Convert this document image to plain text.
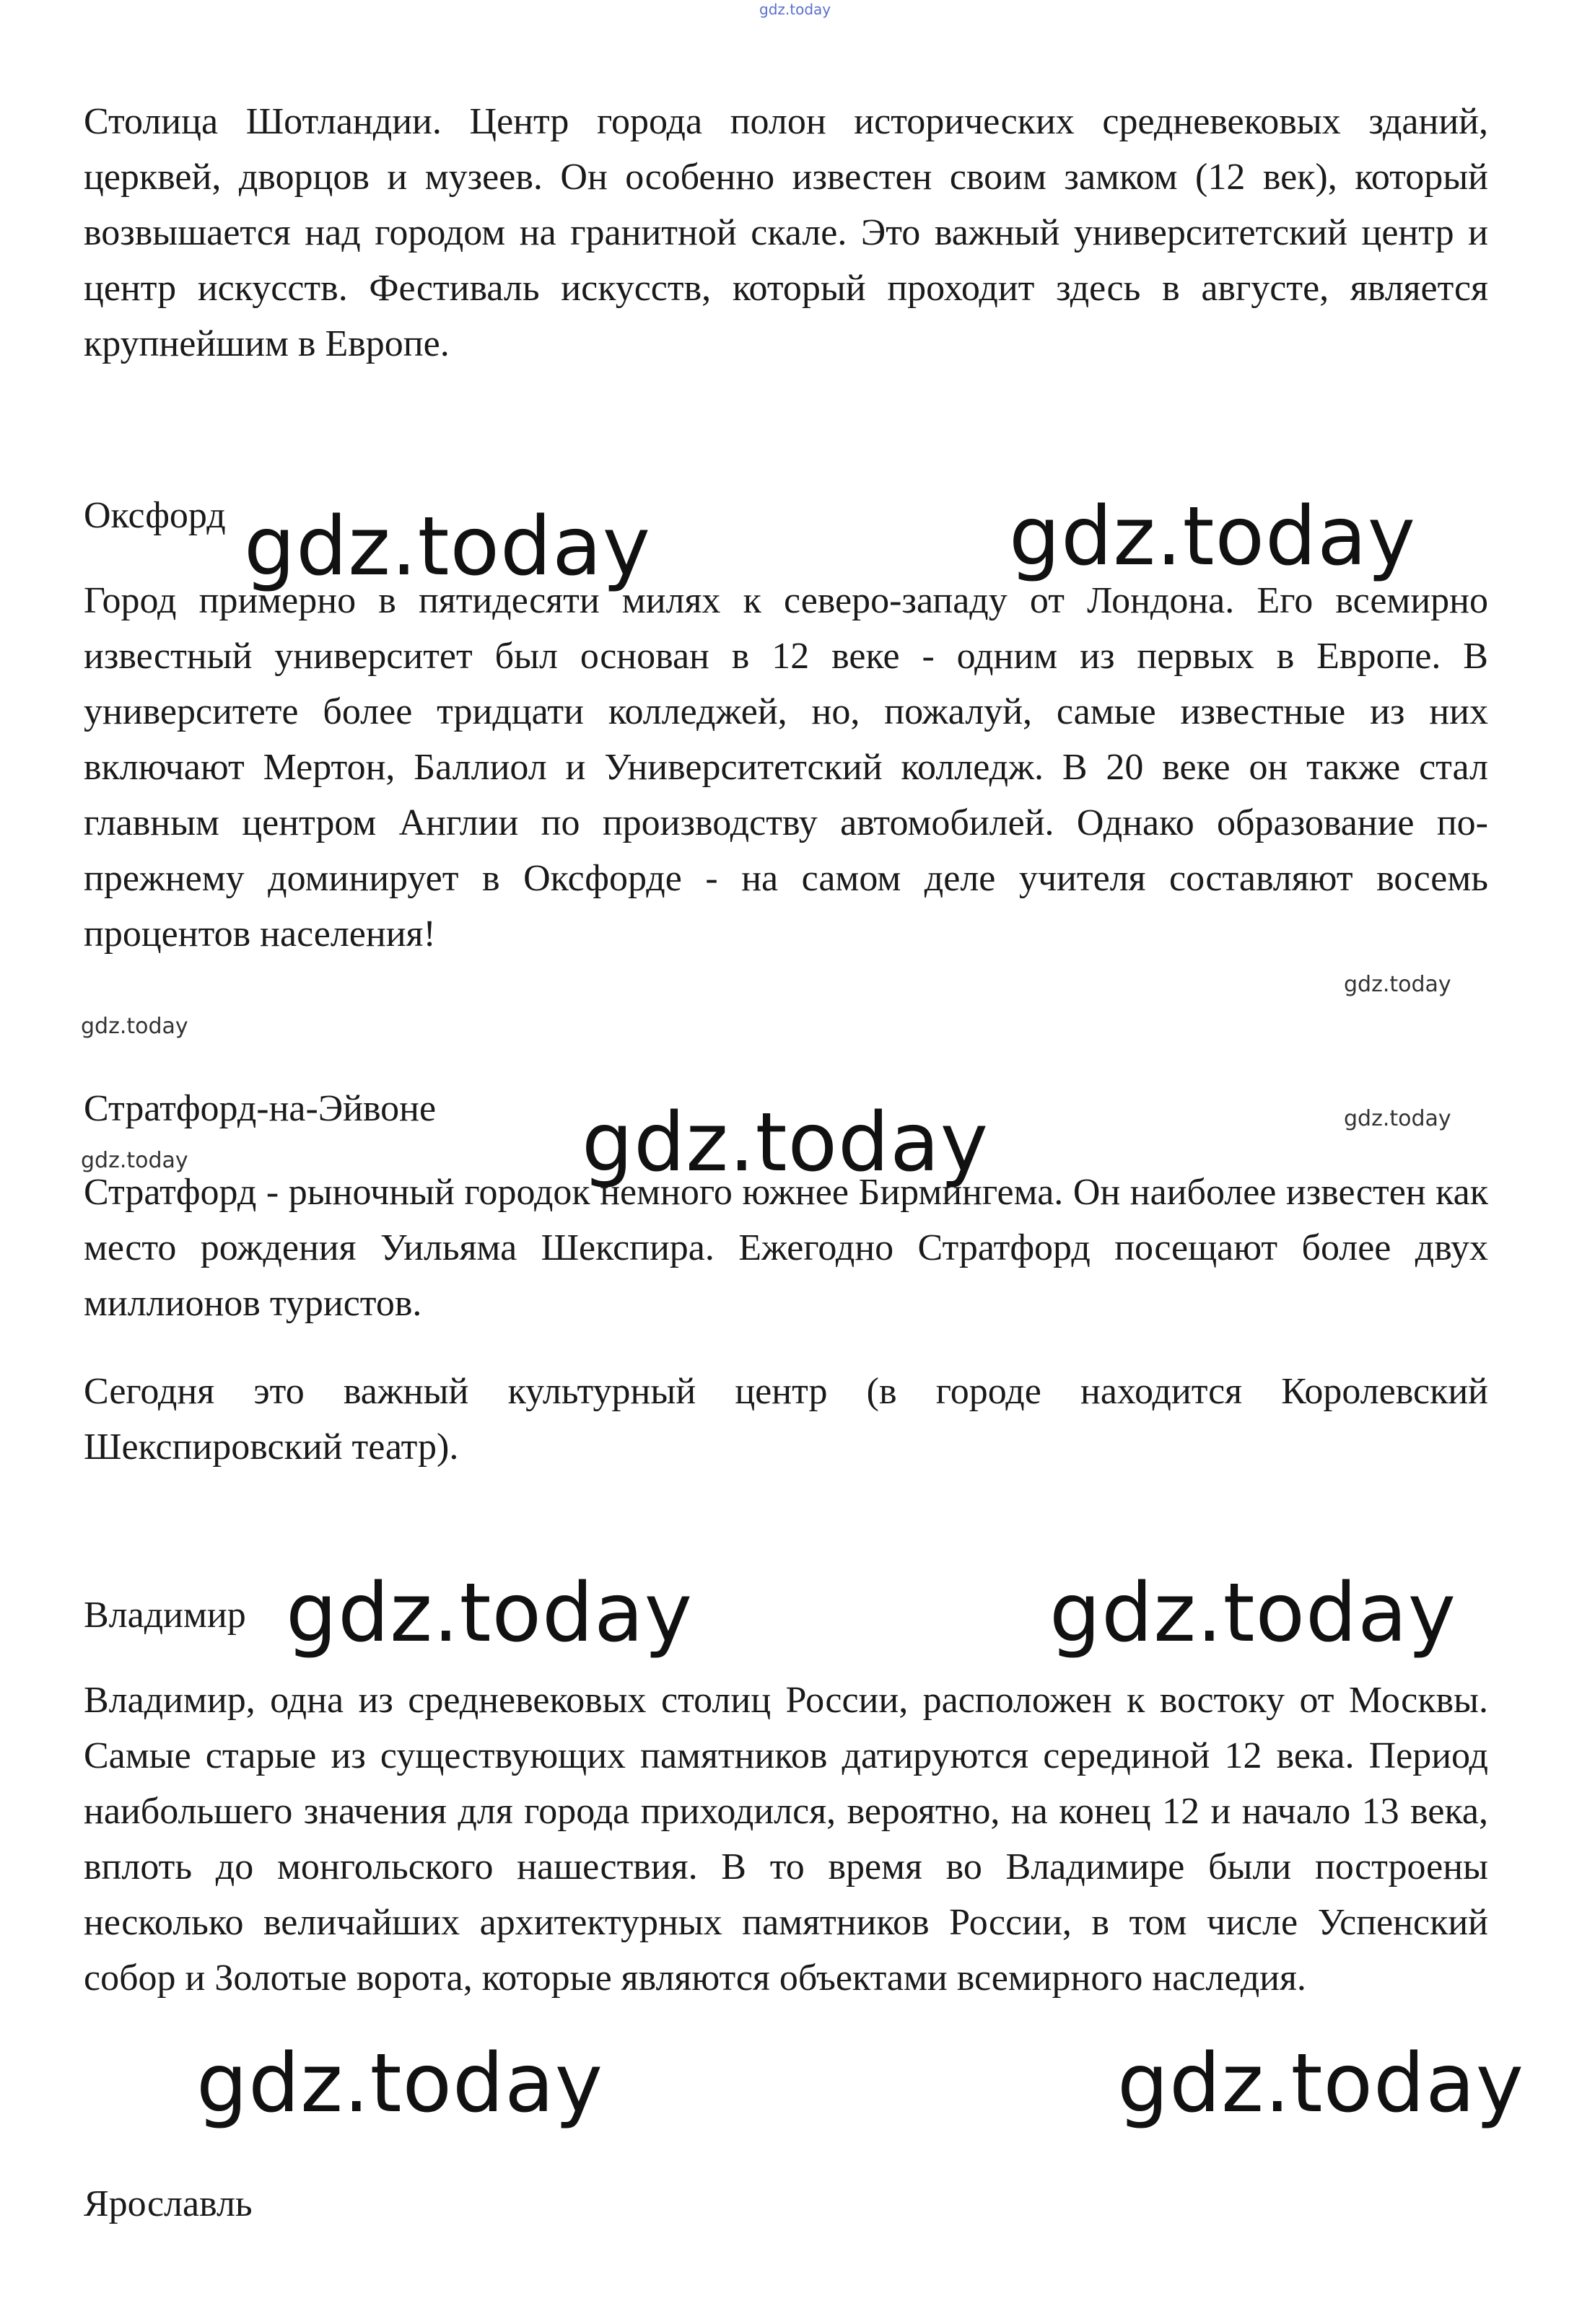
gdz.today

Столица Шотландии. Центр города полон исторических средневековых зданий, церквей, дворцов и музеев. Он особенно известен своим замком (12 век), который возвышается над городом на гранитной скале. Это важный университетский центр и центр искусств. Фестиваль искусств, который проходит здесь в августе, является крупнейшим в Европе.

Оксфорд gdz.today	gdz.today

Город примерно в пятидесяти милях к северо-западу от Лондона. Его всемирно известный университет был основан в 12 веке - одним из первых в Европе. В университете более тридцати колледжей, но, пожалуй, самые известные из них включают Мертон, Баллиол и Университетский колледж. В 20 веке он также стал главным центром Англии по производству автомобилей. Однако образование по-прежнему доминирует в Оксфорде - на самом деле учителя составляют восемь процентов населения!

gdz.today
gdz.today
Стратфорд-на-Эйвоне	gdz.today
gdz.today
gdz.today

Стратфорд - рыночный городок немного южнее Бирмингема. Он наиболее известен как место рождения Уильяма Шекспира. Ежегодно Стратфорд посещают более двух миллионов туристов.

Сегодня это важный культурный центр (в городе находится Королевский Шекспировский театр).

Владимир gdz.today	gdz.today

Владимир, одна из средневековых столиц России, расположен к востоку от Москвы. Самые старые из существующих памятников датируются серединой 12 века. Период наибольшего значения для города приходился, вероятно, на конец 12 и начало 13 века, вплоть до монгольского нашествия. В то время во Владимире были построены несколько величайших архитектурных памятников России, в том числе Успенский собор и Золотые ворота, которые являются объектами всемирного наследия.

gdz.today	gdz.today
Ярославль
